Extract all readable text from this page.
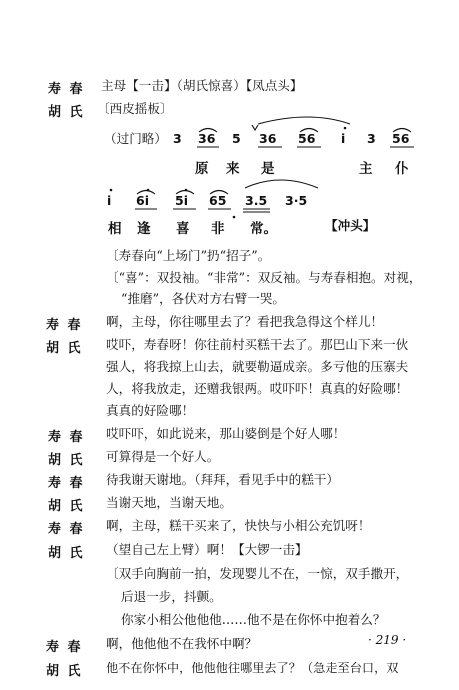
寿 春 主母【一击】（胡氏惊喜）【凤点头】
胡 氏 〔西皮摇板〕
（过门略） 3 36 5 36 56 i 3 56
原 来 是	主 仆
i 6i 5i 65 3.5 3·5
相 逢 喜 非 常。	【冲头】
〔寿春向“上场门”扔“招子”。
〔“喜”：双投袖。“非常”：双反袖。与寿春相抱。对视，
“推磨”，各伏对方右臂一哭。
寿 春 啊，主母，你往哪里去了？看把我急得这个样儿！
胡 氏 哎吓，寿春呀！你往前村买糕干去了。那巴山下来一伙
强人，将我掠上山去，就要勒逼成亲。多亏他的压寨夫
人，将我放走，还赠我银两。哎吓吓！真真的好险哪！
真真的好险哪！
寿 春 哎吓吓，如此说来，那山婆倒是个好人哪！
胡 氏 可算得是一个好人。
寿 春 待我谢天谢地。（拜拜，看见手中的糕干）
胡 氏 当谢天地，当谢天地。
寿 春 啊，主母，糕干买来了，快快与小相公充饥呀！
胡 氏 （望自己左上臂）啊！【大锣一击】
〔双手向胸前一拍，发现婴儿不在，一惊，双手撒开，
后退一步，抖颤。
你家小相公他他他……他不是在你怀中抱着么？
寿 春 啊，他他他不在我怀中啊？
胡 氏 他不在你怀中，他他他往哪里去了？（急走至台口，双
· 219 ·
